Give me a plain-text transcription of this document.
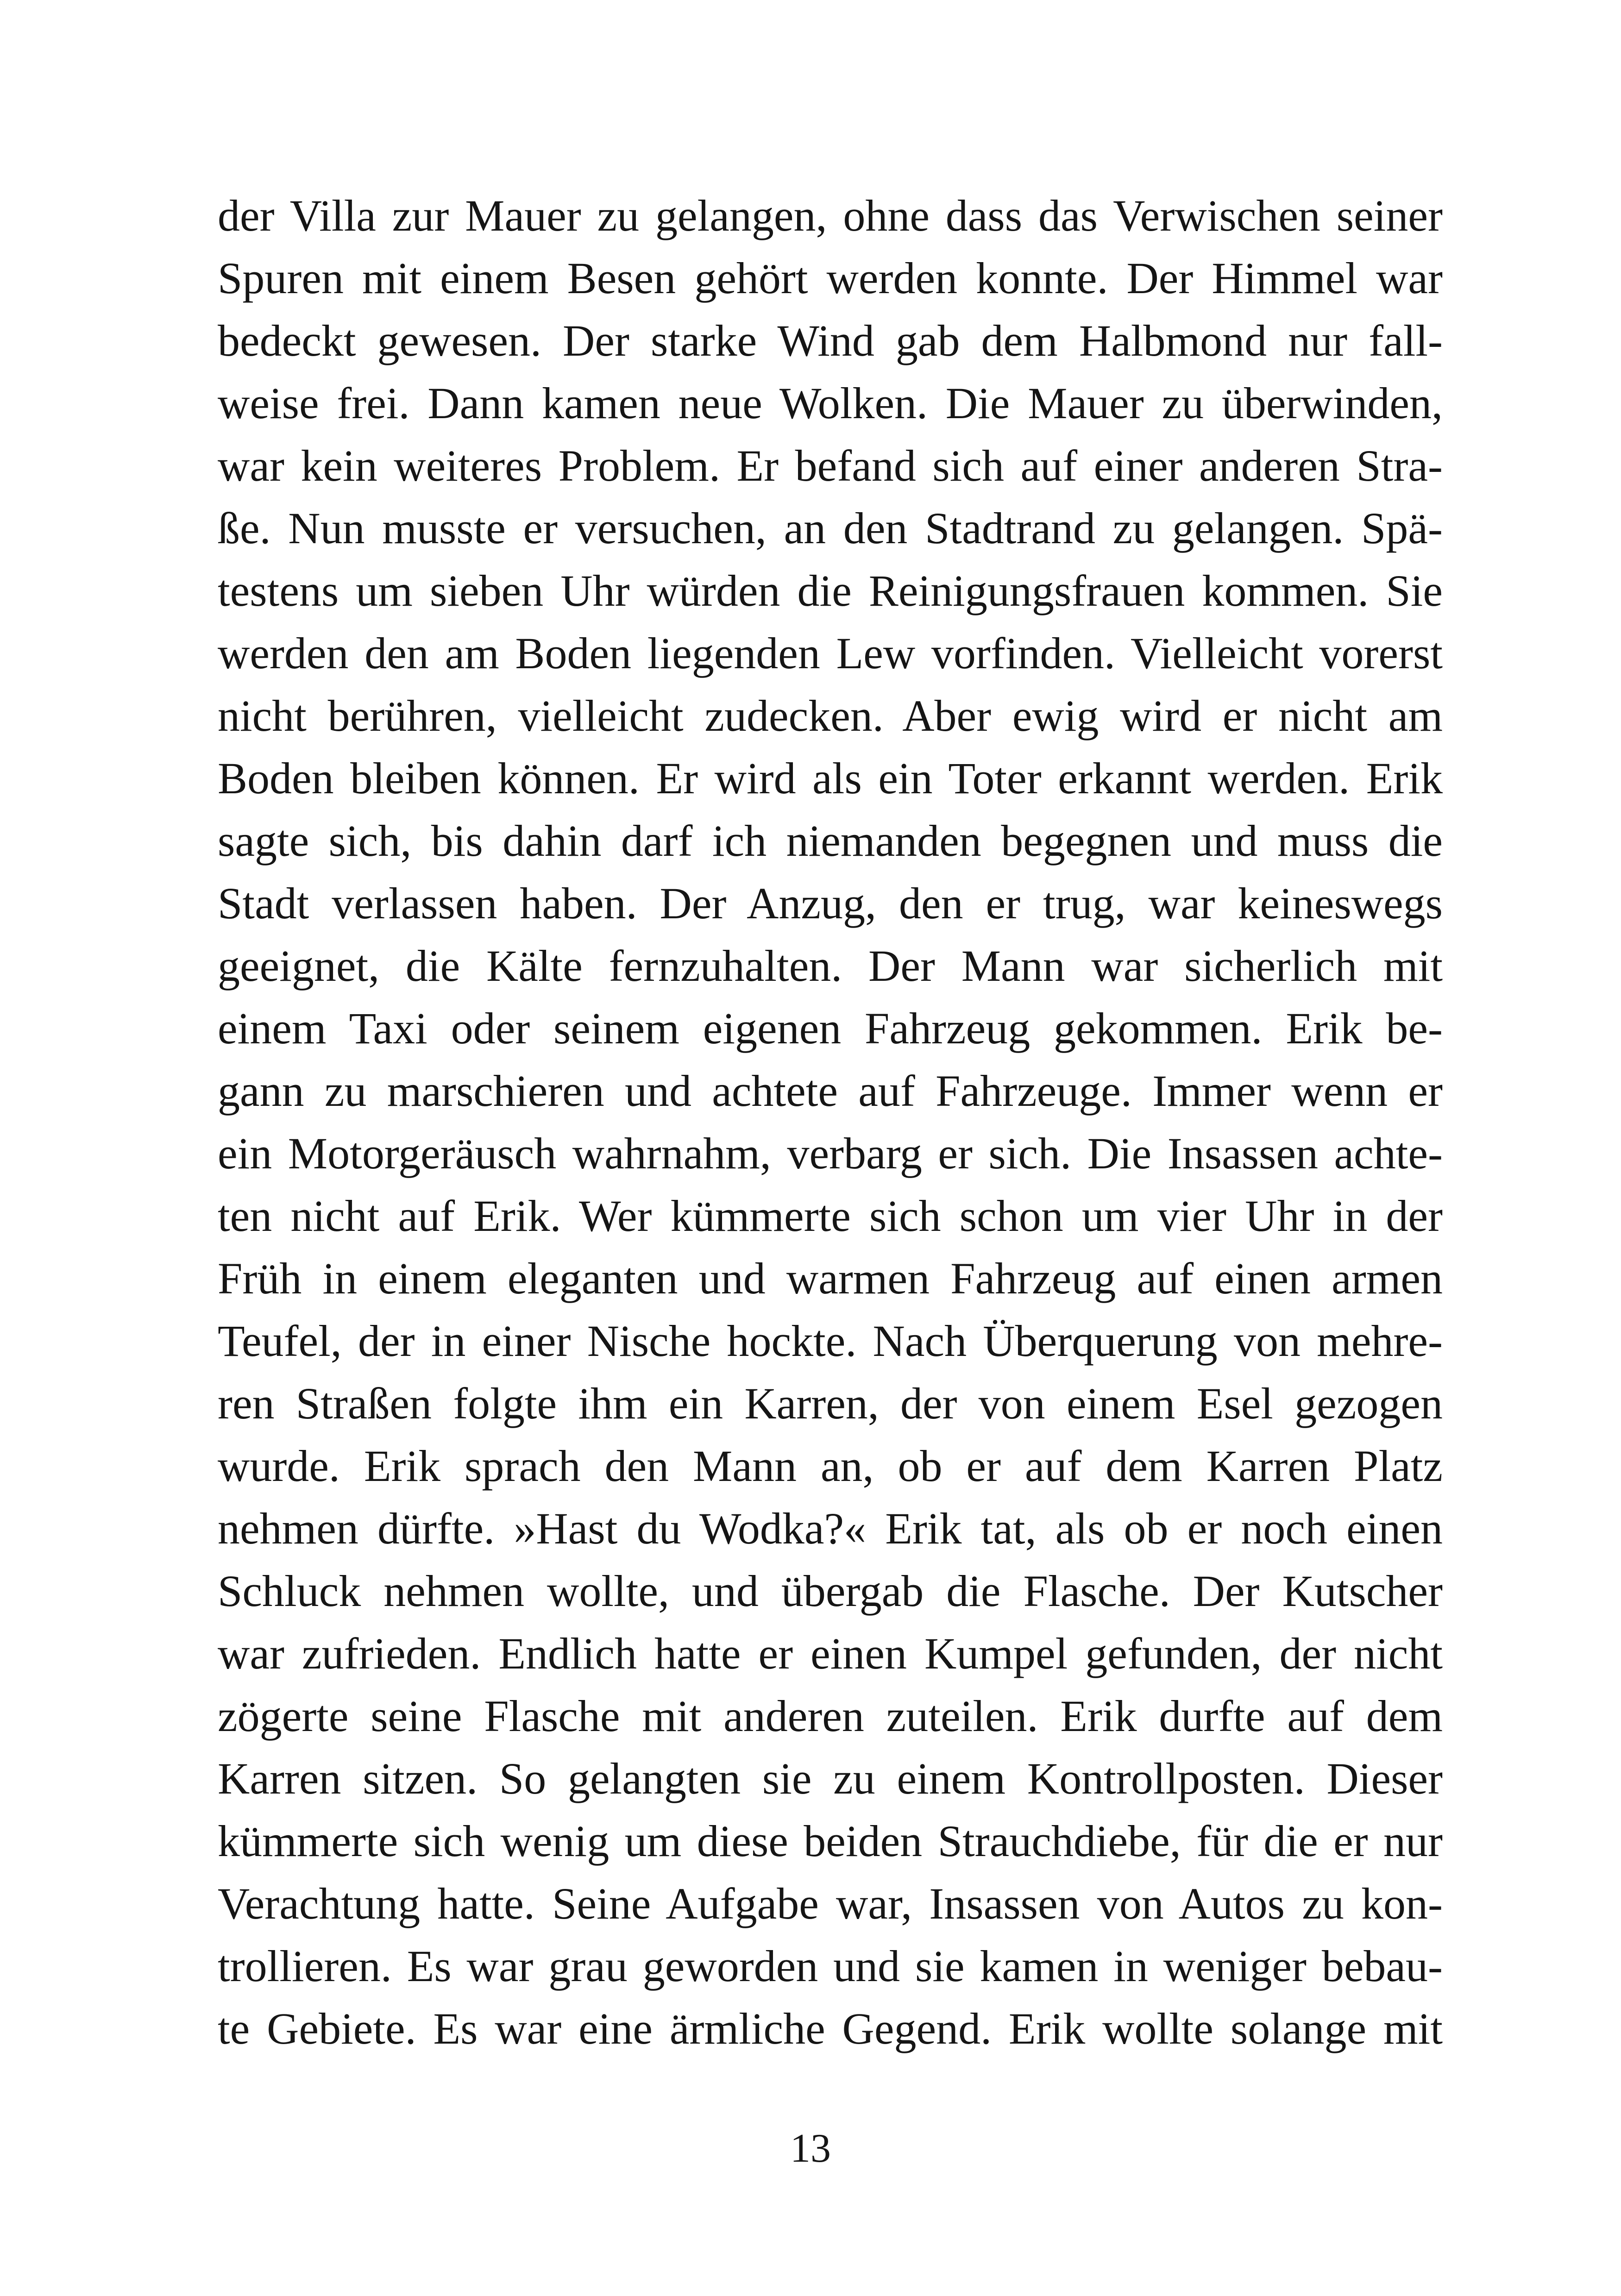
der Villa zur Mauer zu gelangen, ohne dass das Verwischen seiner
Spuren mit einem Besen gehört werden konnte. Der Himmel war
bedeckt gewesen. Der starke Wind gab dem Halbmond nur fall-
weise frei. Dann kamen neue Wolken. Die Mauer zu überwinden,
war kein weiteres Problem. Er befand sich auf einer anderen Stra-
ße. Nun musste er versuchen, an den Stadtrand zu gelangen. Spä-
testens um sieben Uhr würden die Reinigungsfrauen kommen. Sie
werden den am Boden liegenden Lew vorfinden. Vielleicht vorerst
nicht berühren, vielleicht zudecken. Aber ewig wird er nicht am
Boden bleiben können. Er wird als ein Toter erkannt werden. Erik
sagte sich, bis dahin darf ich niemanden begegnen und muss die
Stadt verlassen haben. Der Anzug, den er trug, war keineswegs
geeignet, die Kälte fernzuhalten. Der Mann war sicherlich mit
einem Taxi oder seinem eigenen Fahrzeug gekommen. Erik be-
gann zu marschieren und achtete auf Fahrzeuge. Immer wenn er
ein Motorgeräusch wahrnahm, verbarg er sich. Die Insassen achte-
ten nicht auf Erik. Wer kümmerte sich schon um vier Uhr in der
Früh in einem eleganten und warmen Fahrzeug auf einen armen
Teufel, der in einer Nische hockte. Nach Überquerung von mehre-
ren Straßen folgte ihm ein Karren, der von einem Esel gezogen
wurde. Erik sprach den Mann an, ob er auf dem Karren Platz
nehmen dürfte. »Hast du Wodka?« Erik tat, als ob er noch einen
Schluck nehmen wollte, und übergab die Flasche. Der Kutscher
war zufrieden. Endlich hatte er einen Kumpel gefunden, der nicht
zögerte seine Flasche mit anderen zuteilen. Erik durfte auf dem
Karren sitzen. So gelangten sie zu einem Kontrollposten. Dieser
kümmerte sich wenig um diese beiden Strauchdiebe, für die er nur
Verachtung hatte. Seine Aufgabe war, Insassen von Autos zu kon-
trollieren. Es war grau geworden und sie kamen in weniger bebau-
te Gebiete. Es war eine ärmliche Gegend. Erik wollte solange mit
13
